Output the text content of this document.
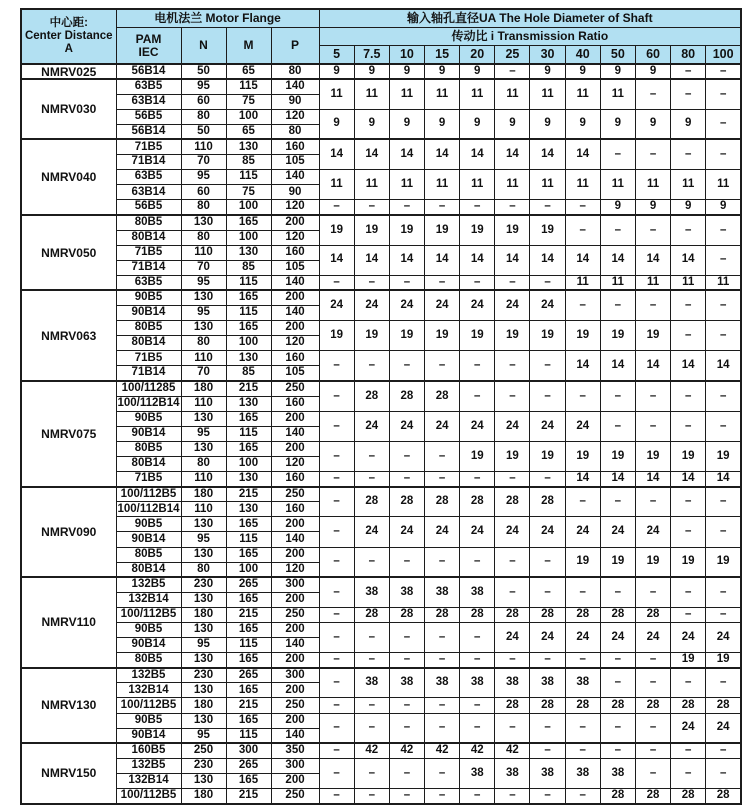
中心距:
Center Distance
A	电机法兰 Motor Flange				输入轴孔直径UA The Hole Diameter of Shaft											
	PAM
IEC	N	M	P	传动比 i Transmission Ratio											
					5	7.5	10	15	20	25	30	40	50	60	80	100
NMRV025	56B14	50	65	80	9	9	9	9	9	–	9	9	9	9	–	–
NMRV030	63B5	95	115	140	11	11	11	11	11	11	11	11	11	–	–	–
	63B14	60	75	90												
	56B5	80	100	120	9	9	9	9	9	9	9	9	9	9	9	–
	56B14	50	65	80												
NMRV040	71B5	110	130	160	14	14	14	14	14	14	14	14	–	–	–	–
	71B14	70	85	105												
	63B5	95	115	140	11	11	11	11	11	11	11	11	11	11	11	11
	63B14	60	75	90												
	56B5	80	100	120	–	–	–	–	–	–	–	–	9	9	9	9
NMRV050	80B5	130	165	200	19	19	19	19	19	19	19	–	–	–	–	–
	80B14	80	100	120												
	71B5	110	130	160	14	14	14	14	14	14	14	14	14	14	14	–
	71B14	70	85	105												
	63B5	95	115	140	–	–	–	–	–	–	–	11	11	11	11	11
NMRV063	90B5	130	165	200	24	24	24	24	24	24	24	–	–	–	–	–
	90B14	95	115	140												
	80B5	130	165	200	19	19	19	19	19	19	19	19	19	19	–	–
	80B14	80	100	120												
	71B5	110	130	160	–	–	–	–	–	–	–	14	14	14	14	14
	71B14	70	85	105												
NMRV075	100/11285	180	215	250	–	28	28	28	–	–	–	–	–	–	–	–
	100/112B14	110	130	160												
	90B5	130	165	200	–	24	24	24	24	24	24	24	–	–	–	–
	90B14	95	115	140												
	80B5	130	165	200	–	–	–	–	19	19	19	19	19	19	19	19
	80B14	80	100	120												
	71B5	110	130	160	–	–	–	–	–	–	–	14	14	14	14	14
NMRV090	100/112B5	180	215	250	–	28	28	28	28	28	28	–	–	–	–	–
	100/112B14	110	130	160												
	90B5	130	165	200	–	24	24	24	24	24	24	24	24	24	–	–
	90B14	95	115	140												
	80B5	130	165	200	–	–	–	–	–	–	–	19	19	19	19	19
	80B14	80	100	120												
NMRV110	132B5	230	265	300	–	38	38	38	38	–	–	–	–	–	–	–
	132B14	130	165	200												
	100/112B5	180	215	250	–	28	28	28	28	28	28	28	28	28	–	–
	90B5	130	165	200	–	–	–	–	–	24	24	24	24	24	24	24
	90B14	95	115	140												
	80B5	130	165	200	–	–	–	–	–	–	–	–	–	–	19	19
NMRV130	132B5	230	265	300	–	38	38	38	38	38	38	38	–	–	–	–
	132B14	130	165	200												
	100/112B5	180	215	250	–	–	–	–	–	28	28	28	28	28	28	28
	90B5	130	165	200	–	–	–	–	–	–	–	–	–	–	24	24
	90B14	95	115	140												
NMRV150	160B5	250	300	350	–	42	42	42	42	42	–	–	–	–	–	–
	132B5	230	265	300	–	–	–	–	38	38	38	38	38	–	–	–
	132B14	130	165	200												
	100/112B5	180	215	250	–	–	–	–	–	–	–	–	28	28	28	28
